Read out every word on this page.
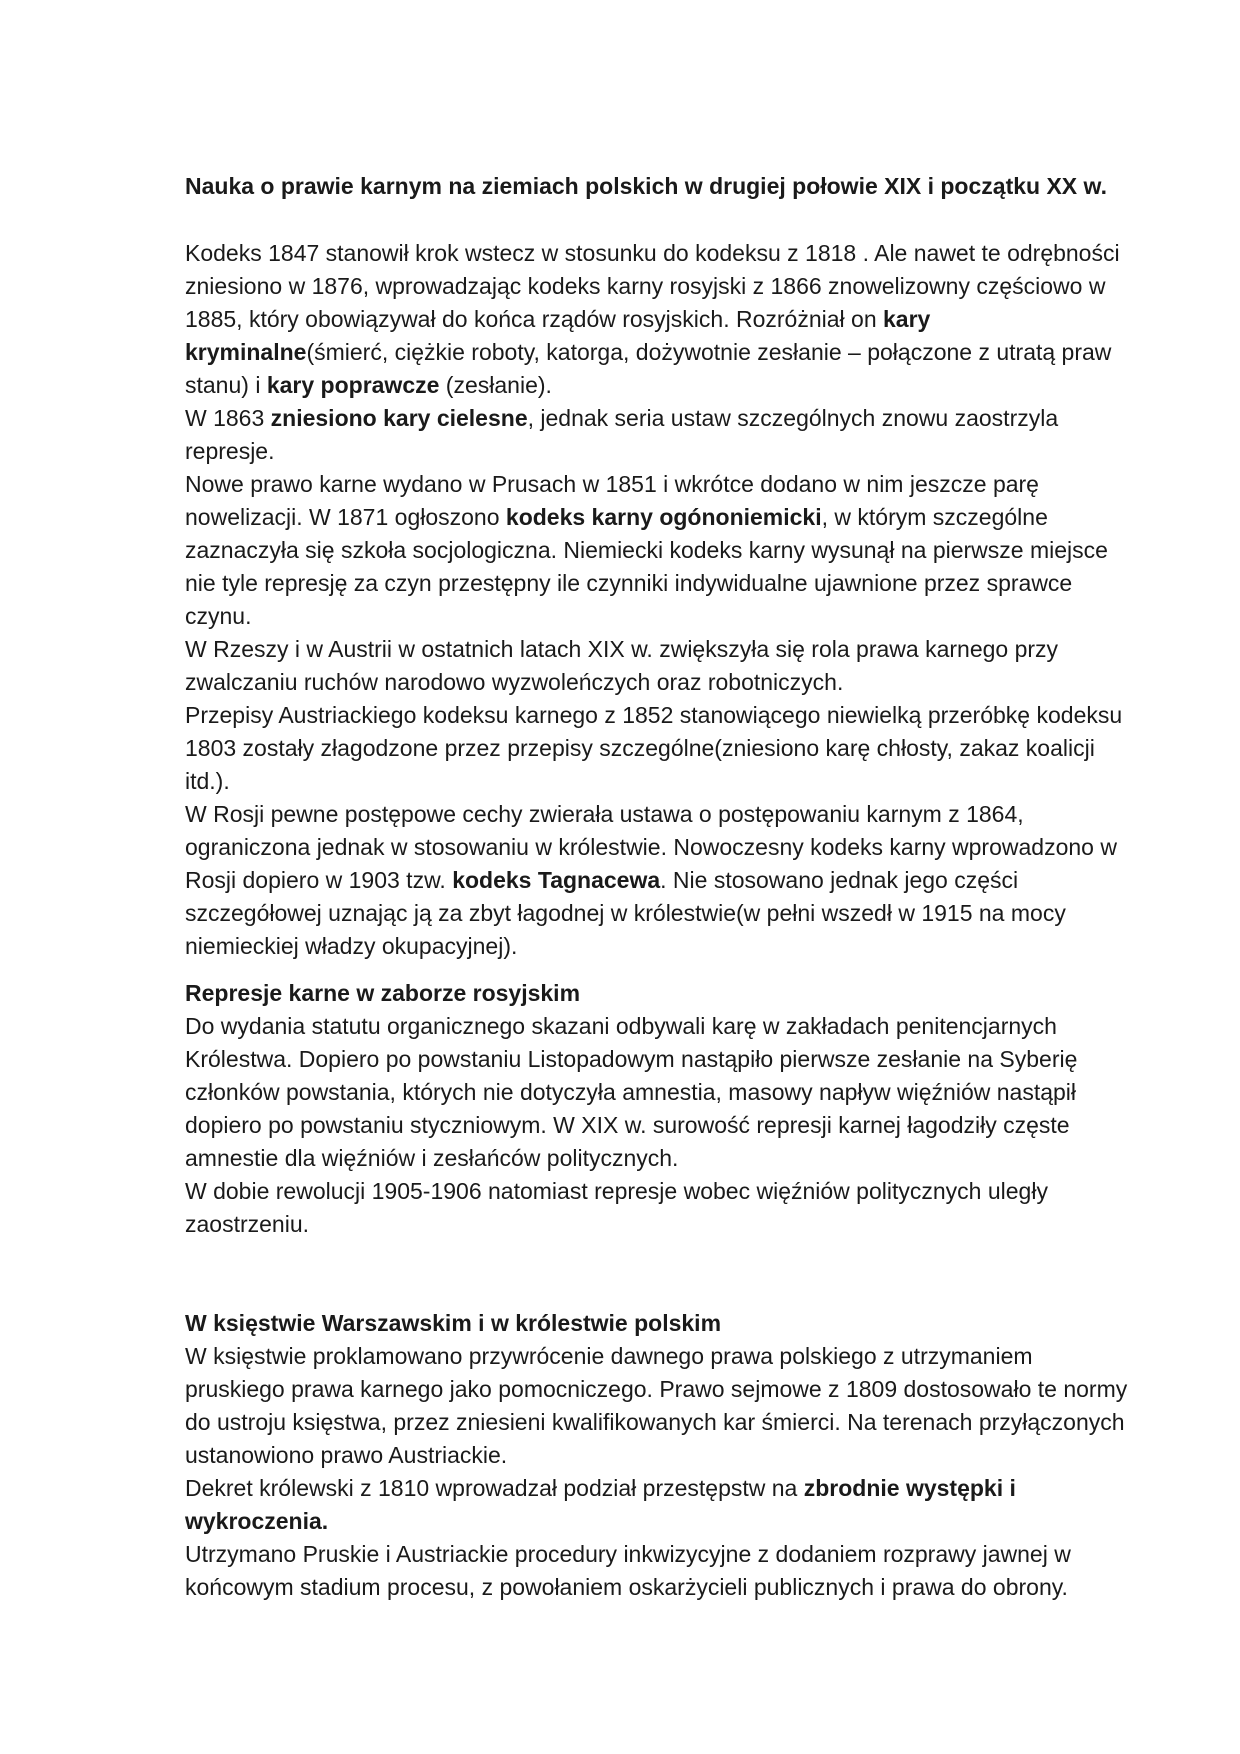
Nauka o prawie karnym na ziemiach polskich w drugiej połowie XIX i początku XX w.

Kodeks 1847 stanowił krok wstecz w stosunku do kodeksu z 1818 . Ale nawet te odrębności zniesiono w 1876, wprowadzając kodeks karny rosyjski z 1866 znowelizowny częściowo w 1885, który obowiązywał do końca rządów rosyjskich. Rozróżniał on kary kryminalne(śmierć, ciężkie roboty, katorga, dożywotnie zesłanie – połączone z utratą praw stanu) i kary poprawcze (zesłanie).

W 1863 zniesiono kary cielesne, jednak seria ustaw szczególnych znowu zaostrzyla represje.

Nowe prawo karne wydano w Prusach w 1851 i wkrótce dodano w nim jeszcze parę nowelizacji. W 1871 ogłoszono kodeks karny ogónoniemicki, w którym szczególne zaznaczyła się szkoła socjologiczna. Niemiecki kodeks karny wysunął na pierwsze miejsce nie tyle represję za czyn przestępny ile czynniki indywidualne ujawnione przez sprawce czynu.

W Rzeszy i w Austrii w ostatnich latach XIX w. zwiększyła się rola prawa karnego przy zwalczaniu ruchów narodowo wyzwoleńczych oraz robotniczych.

Przepisy Austriackiego kodeksu karnego z 1852 stanowiącego niewielką przeróbkę kodeksu 1803 zostały złagodzone przez przepisy szczególne(zniesiono karę chłosty, zakaz koalicji itd.).

W Rosji pewne postępowe cechy zwierała ustawa o postępowaniu karnym z 1864, ograniczona jednak w stosowaniu w królestwie. Nowoczesny kodeks karny wprowadzono w Rosji dopiero w 1903 tzw. kodeks Tagnacewa. Nie stosowano jednak jego części szczegółowej uznając ją za zbyt łagodnej w królestwie(w pełni wszedł w 1915 na mocy niemieckiej władzy okupacyjnej).

Represje karne w zaborze rosyjskim

Do wydania statutu organicznego skazani odbywali karę w zakładach penitencjarnych Królestwa. Dopiero po powstaniu Listopadowym nastąpiło pierwsze zesłanie na Syberię członków powstania, których nie dotyczyła amnestia, masowy napływ więźniów nastąpił dopiero po powstaniu styczniowym. W XIX w. surowość represji karnej łagodziły częste amnestie dla więźniów i zesłańców politycznych.

W dobie rewolucji 1905-1906 natomiast represje wobec więźniów politycznych uległy zaostrzeniu.

W księstwie Warszawskim i w królestwie polskim

W księstwie proklamowano przywrócenie dawnego prawa polskiego z utrzymaniem pruskiego prawa karnego jako pomocniczego. Prawo sejmowe z 1809 dostosowało te normy do ustroju księstwa, przez zniesieni kwalifikowanych kar śmierci. Na terenach przyłączonych ustanowiono prawo Austriackie.

Dekret królewski z 1810 wprowadzał podział przestępstw na zbrodnie występki i wykroczenia.

Utrzymano Pruskie i Austriackie procedury inkwizycyjne z dodaniem rozprawy jawnej w końcowym stadium procesu, z powołaniem oskarżycieli publicznych i prawa do obrony.
